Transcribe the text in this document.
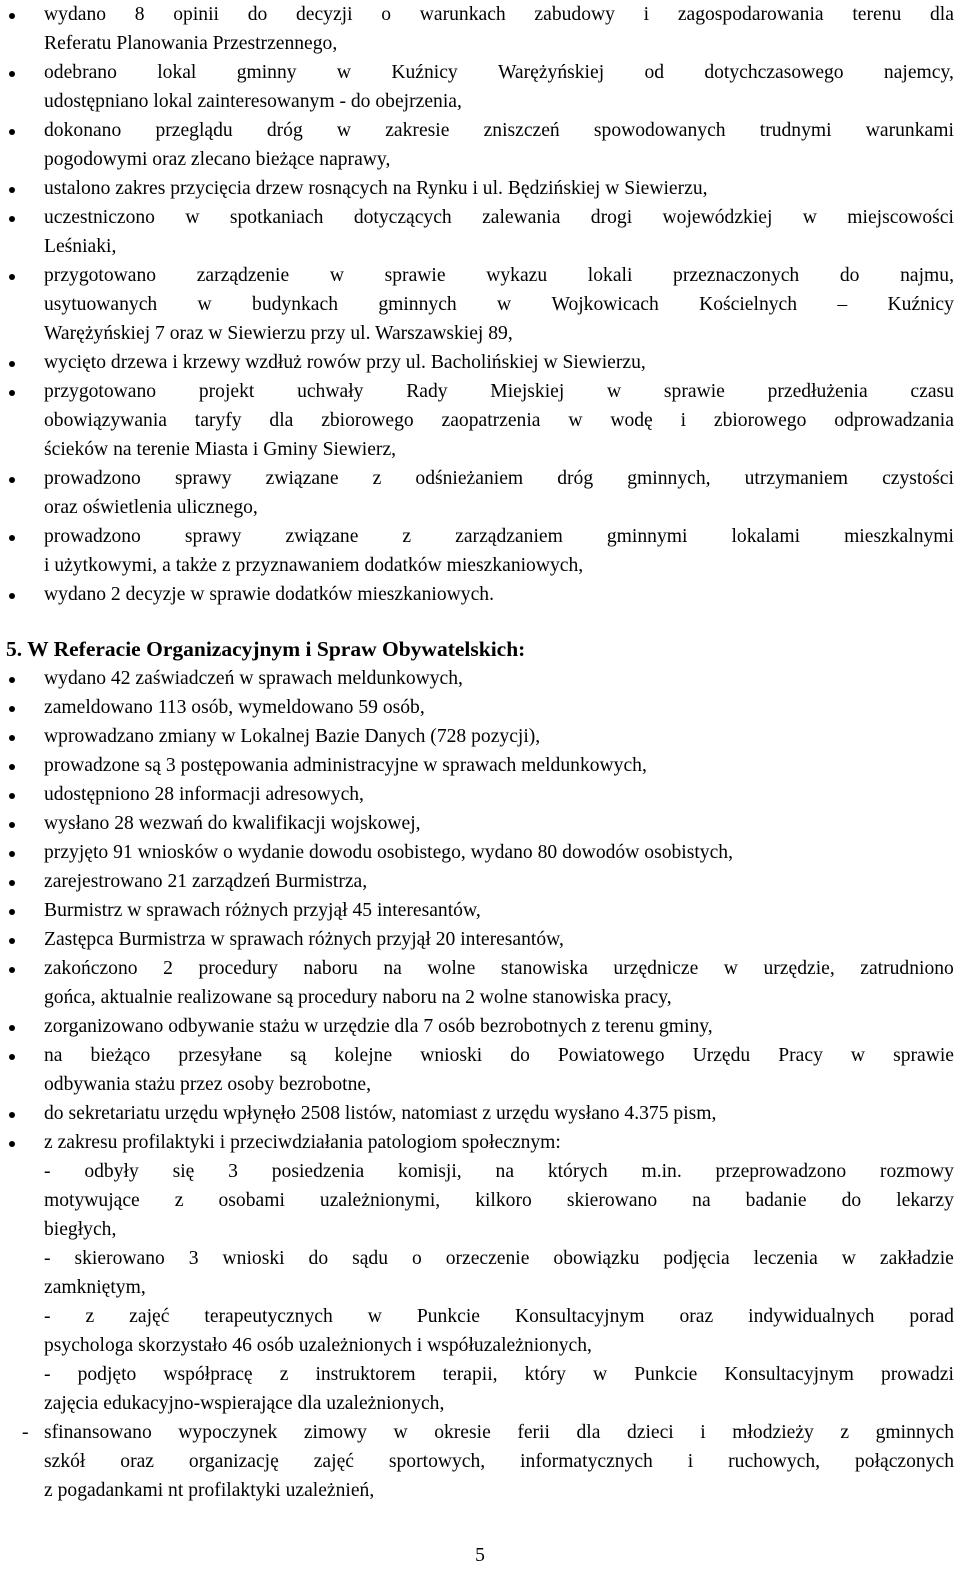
wydano 8 opinii do decyzji o warunkach zabudowy i zagospodarowania terenu dla
Referatu Planowania Przestrzennego,
odebrano lokal gminny w Kuźnicy Warężyńskiej od dotychczasowego najemcy,
udostępniano lokal zainteresowanym - do obejrzenia,
dokonano przeglądu dróg w zakresie zniszczeń spowodowanych trudnymi warunkami
pogodowymi oraz zlecano bieżące naprawy,
ustalono zakres przycięcia drzew rosnących na Rynku i ul. Będzińskiej w Siewierzu,
uczestniczono w spotkaniach dotyczących zalewania drogi wojewódzkiej w miejscowości
Leśniaki,
przygotowano zarządzenie w sprawie wykazu lokali przeznaczonych do najmu,
usytuowanych w budynkach gminnych w Wojkowicach Kościelnych – Kuźnicy
Warężyńskiej 7 oraz w Siewierzu przy ul. Warszawskiej 89,
wycięto drzewa i krzewy wzdłuż rowów przy ul. Bacholińskiej w Siewierzu,
przygotowano projekt uchwały Rady Miejskiej w sprawie przedłużenia czasu
obowiązywania taryfy dla zbiorowego zaopatrzenia w wodę i zbiorowego odprowadzania
ścieków na terenie Miasta i Gminy Siewierz,
prowadzono sprawy związane z odśnieżaniem dróg gminnych, utrzymaniem czystości
oraz oświetlenia ulicznego,
prowadzono sprawy związane z zarządzaniem gminnymi lokalami mieszkalnymi
i użytkowymi, a także z przyznawaniem dodatków mieszkaniowych,
wydano 2 decyzje w sprawie dodatków mieszkaniowych.
5. W Referacie Organizacyjnym i Spraw Obywatelskich:
wydano 42 zaświadczeń w sprawach meldunkowych,
zameldowano 113 osób, wymeldowano 59 osób,
wprowadzano zmiany w Lokalnej Bazie Danych (728 pozycji),
prowadzone są 3 postępowania administracyjne w sprawach meldunkowych,
udostępniono 28 informacji adresowych,
wysłano 28 wezwań do kwalifikacji wojskowej,
przyjęto 91 wniosków o wydanie dowodu osobistego, wydano 80 dowodów osobistych,
zarejestrowano 21 zarządzeń Burmistrza,
Burmistrz w sprawach różnych przyjął 45 interesantów,
Zastępca Burmistrza w sprawach różnych przyjął 20 interesantów,
zakończono 2 procedury naboru na wolne stanowiska urzędnicze w urzędzie, zatrudniono
gońca, aktualnie realizowane są procedury naboru na 2 wolne stanowiska pracy,
zorganizowano odbywanie stażu w urzędzie dla 7 osób bezrobotnych z terenu gminy,
na bieżąco przesyłane są kolejne wnioski do Powiatowego Urzędu Pracy w sprawie
odbywania stażu przez osoby bezrobotne,
do sekretariatu urzędu wpłynęło 2508 listów, natomiast z urzędu wysłano 4.375 pism,
z zakresu profilaktyki i przeciwdziałania patologiom społecznym:
- odbyły się 3 posiedzenia komisji, na których m.in. przeprowadzono rozmowy
motywujące z osobami uzależnionymi, kilkoro skierowano na badanie do lekarzy
biegłych,
- skierowano 3 wnioski do sądu o orzeczenie obowiązku podjęcia leczenia w zakładzie
zamkniętym,
- z zajęć terapeutycznych w Punkcie Konsultacyjnym oraz indywidualnych porad
psychologa skorzystało 46 osób uzależnionych i współuzależnionych,
- podjęto współpracę z instruktorem terapii, który w Punkcie Konsultacyjnym prowadzi
zajęcia edukacyjno-wspierające dla uzależnionych,
- sfinansowano wypoczynek zimowy w okresie ferii dla dzieci i młodzieży z gminnych
szkół oraz organizację zajęć sportowych, informatycznych i ruchowych, połączonych
z pogadankami nt profilaktyki uzależnień,
5
